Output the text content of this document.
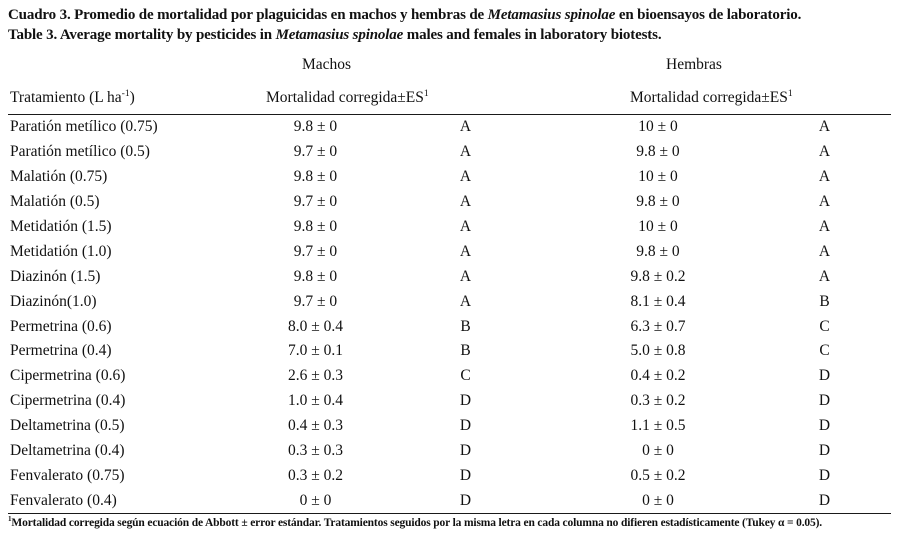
Cuadro 3. Promedio de mortalidad por plaguicidas en machos y hembras de Metamasius spinolae en bioensayos de laboratorio.
Table 3. Average mortality by pesticides in Metamasius spinolae males and females in laboratory biotests.
Machos	Hembras
Tratamiento (L $ha^{-1}$)	Mortalidad $corregida\pm ES^1$	Mortalidad $corregida\pm ES^1$
Paratión metílico (0.75)	9.8 ± 0	A	10 ± 0	A
Paratión metílico (0.5)	9.7 ± 0	A	9.8 ± 0	A
Malatión (0.75)	9.8 ± 0	A	10 ± 0	A
Malatión (0.5)	9.7 ± 0	A	9.8 ± 0	A
Metidatión (1.5)	9.8 ± 0	A	10 ± 0	A
Metidatión (1.0)	9.7 ± 0	A	9.8 ± 0	A
Diazinón (1.5)	9.8 ± 0	A	9.8 ± 0.2	A
Diazinón(1.0)	9.7 ± 0	A	8.1 ± 0.4	B
Permetrina (0.6)	8.0 ± 0.4	B	6.3 ± 0.7	C
Permetrina (0.4)	7.0 ± 0.1	B	5.0 ± 0.8	C
Cipermetrina (0.6)	2.6 ± 0.3	C	0.4 ± 0.2	D
Cipermetrina (0.4)	1.0 ± 0.4	D	0.3 ± 0.2	D
Deltametrina (0.5)	0.4 ± 0.3	D	1.1 ± 0.5	D
Deltametrina (0.4)	0.3 ± 0.3	D	0 ± 0	D
Fenvalerato (0.75)	0.3 ± 0.2	D	0.5 ± 0.2	D
Fenvalerato (0.4)	0 ± 0	D	0 ± 0	D
$^1$Mortalidad corregida según ecuación de Abbott ± error estándar. Tratamientos seguidos por la misma letra en cada columna no difieren estadísticamente (Tukey α = 0.05).
